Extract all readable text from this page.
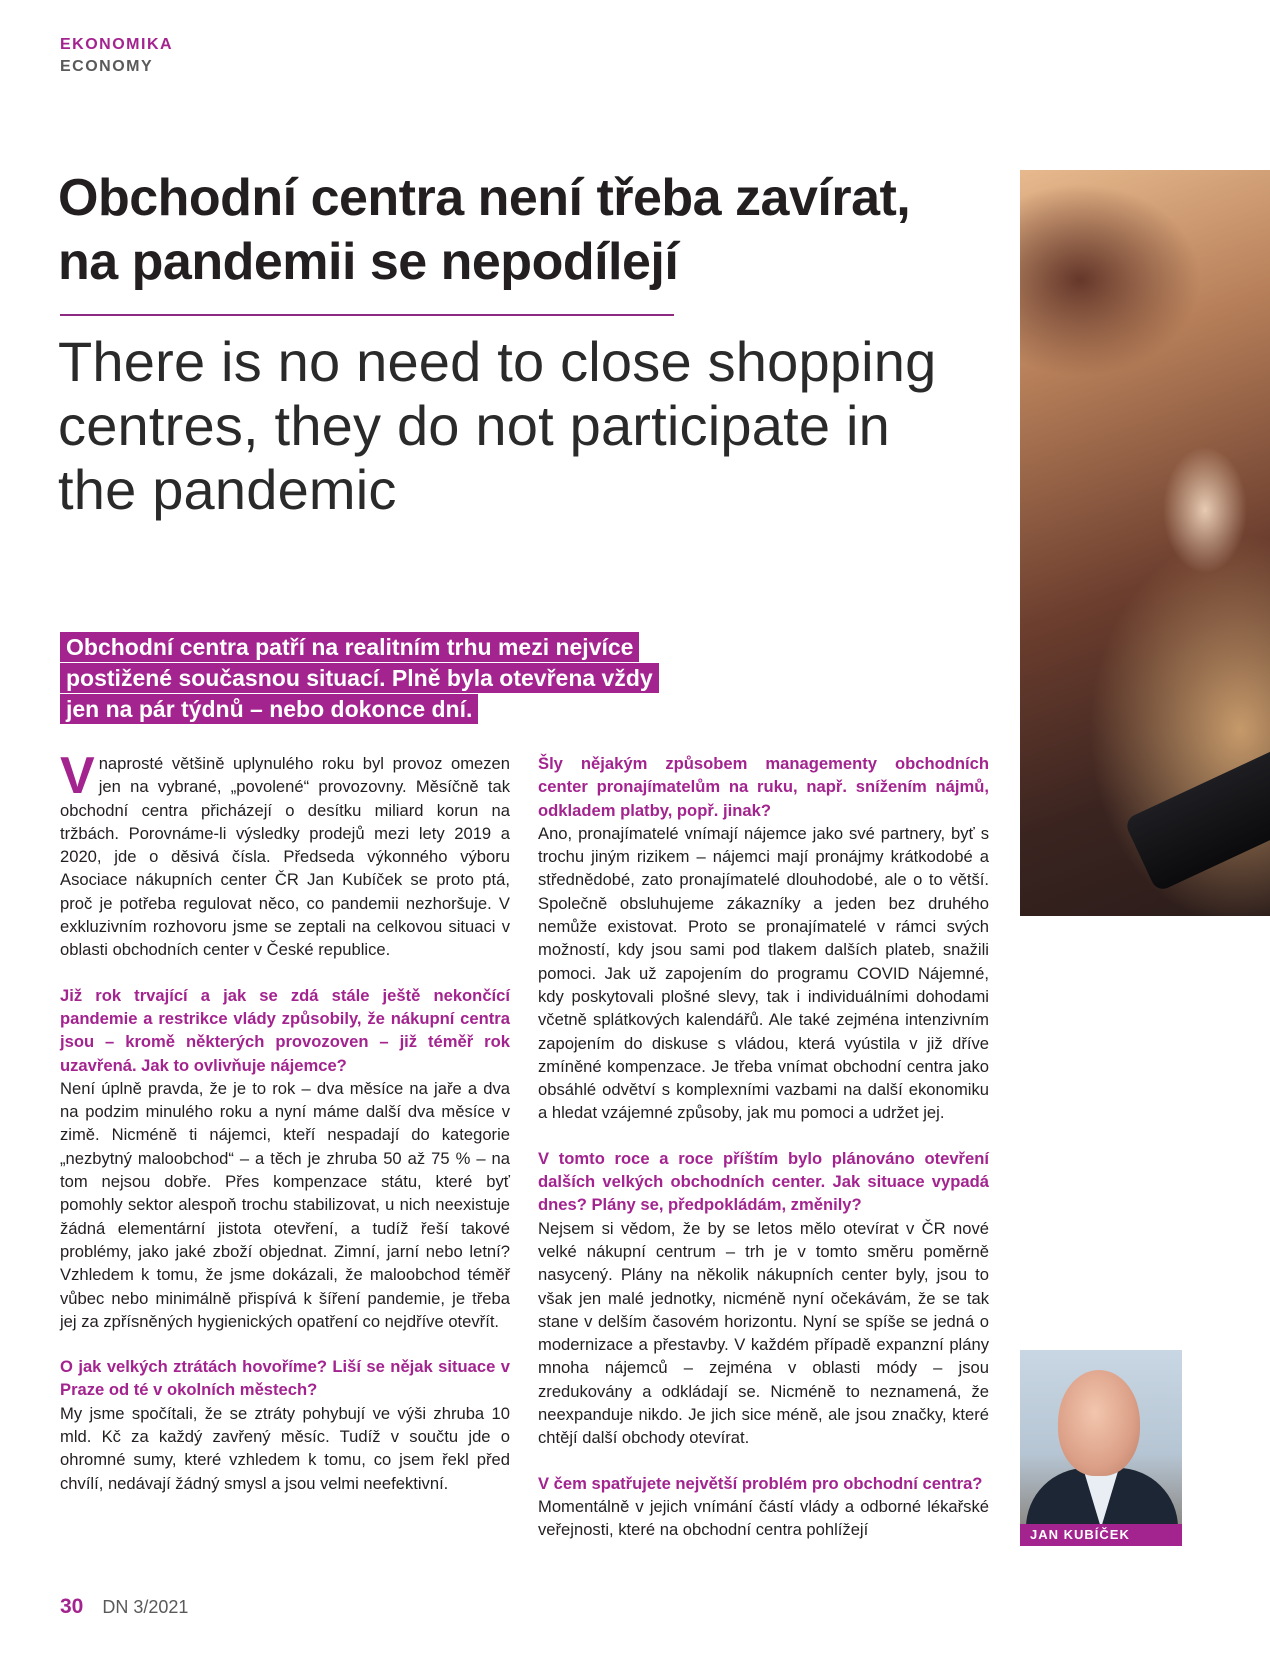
EKONOMIKA
ECONOMY
Obchodní centra není třeba zavírat, na pandemii se nepodílejí
There is no need to close shopping centres, they do not participate in the pandemic
Obchodní centra patří na realitním trhu mezi nejvíce postižené současnou situací. Plně byla otevřena vždy jen na pár týdnů – nebo dokonce dní.

V naprosté většině uplynulého roku byl provoz omezen jen na vybrané, „povolené“ provozovny. Měsíčně tak obchodní centra přicházejí o desítku miliard korun na tržbách. Porovnáme-li výsledky prodejů mezi lety 2019 a 2020, jde o děsivá čísla. Předseda výkonného výboru Asociace nákupních center ČR Jan Kubíček se proto ptá, proč je potřeba regulovat něco, co pandemii nezhoršuje. V exkluzivním rozhovoru jsme se zeptali na celkovou situaci v oblasti obchodních center v České republice.

Již rok trvající a jak se zdá stále ještě nekončící pandemie a restrikce vlády způsobily, že nákupní centra jsou – kromě některých provozoven – již téměř rok uzavřená. Jak to ovlivňuje nájemce?

Není úplně pravda, že je to rok – dva měsíce na jaře a dva na podzim minulého roku a nyní máme další dva měsíce v zimě. Nicméně ti nájemci, kteří nespadají do kategorie „nezbytný maloobchod“ – a těch je zhruba 50 až 75 % – na tom nejsou dobře. Přes kompenzace státu, které byť pomohly sektor alespoň trochu stabilizovat, u nich neexistuje žádná elementární jistota otevření, a tudíž řeší takové problémy, jako jaké zboží objednat. Zimní, jarní nebo letní? Vzhledem k tomu, že jsme dokázali, že maloobchod téměř vůbec nebo minimálně přispívá k šíření pandemie, je třeba jej za zpřísněných hygienických opatření co nejdříve otevřít.

O jak velkých ztrátách hovoříme? Liší se nějak situace v Praze od té v okolních městech?

My jsme spočítali, že se ztráty pohybují ve výši zhruba 10 mld. Kč za každý zavřený měsíc. Tudíž v součtu jde o ohromné sumy, které vzhledem k tomu, co jsem řekl před chvílí, nedávají žádný smysl a jsou velmi neefektivní.

Šly nějakým způsobem managementy obchodních center pronajímatelům na ruku, např. snížením nájmů, odkladem platby, popř. jinak?

Ano, pronajímatelé vnímají nájemce jako své partnery, byť s trochu jiným rizikem – nájemci mají pronájmy krátkodobé a střednědobé, zato pronajímatelé dlouhodobé, ale o to větší. Společně obsluhujeme zákazníky a jeden bez druhého nemůže existovat. Proto se pronajímatelé v rámci svých možností, kdy jsou sami pod tlakem dalších plateb, snažili pomoci. Jak už zapojením do programu COVID Nájemné, kdy poskytovali plošné slevy, tak i individuálními dohodami včetně splátkových kalendářů. Ale také zejména intenzivním zapojením do diskuse s vládou, která vyústila v již dříve zmíněné kompenzace. Je třeba vnímat obchodní centra jako obsáhlé odvětví s komplexními vazbami na další ekonomiku a hledat vzájemné způsoby, jak mu pomoci a udržet jej.

V tomto roce a roce příštím bylo plánováno otevření dalších velkých obchodních center. Jak situace vypadá dnes? Plány se, předpokládám, změnily?

Nejsem si vědom, že by se letos mělo otevírat v ČR nové velké nákupní centrum – trh je v tomto směru poměrně nasycený. Plány na několik nákupních center byly, jsou to však jen malé jednotky, nicméně nyní očekávám, že se tak stane v delším časovém horizontu. Nyní se spíše se jedná o modernizace a přestavby. V každém případě expanzní plány mnoha nájemců – zejména v oblasti módy – jsou zredukovány a odkládají se. Nicméně to neznamená, že neexpanduje nikdo. Je jich sice méně, ale jsou značky, které chtějí další obchody otevírat.

V čem spatřujete největší problém pro obchodní centra?

Momentálně v jejich vnímání částí vlády a odborné lékařské veřejnosti, které na obchodní centra pohlížejí	JAN KUBÍČEK
30 DN 3/2021
